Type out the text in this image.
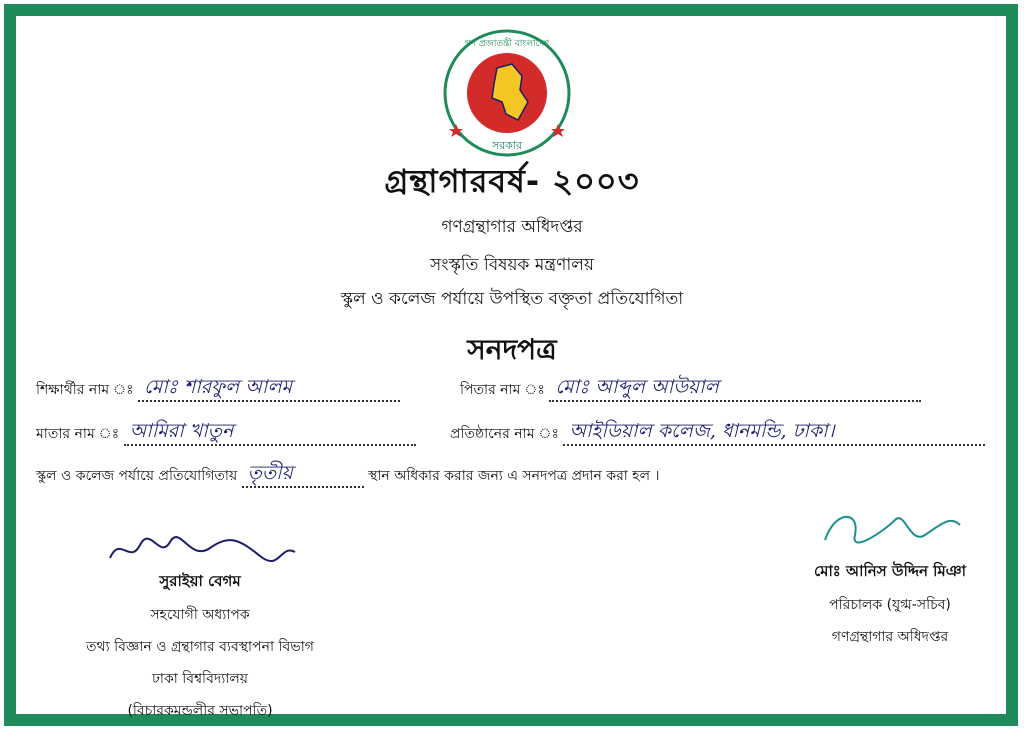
গণ প্রজাতন্ত্রী বাংলাদেশ
সরকার
গ্রন্থাগারবর্ষ- ২০০৩
গণগ্রন্থাগার অধিদপ্তর
সংস্কৃতি বিষয়ক মন্ত্রণালয়
স্কুল ও কলেজ পর্যায়ে উপস্থিত বক্তৃতা প্রতিযোগিতা
সনদপত্র
শিক্ষার্থীর নাম ঃ মোঃ শারফুল আলম	পিতার নাম ঃ মোঃ আব্দুল আউয়াল
মাতার নাম ঃ আমিরা খাতুন	প্রতিষ্ঠানের নাম ঃ আইডিয়াল কলেজ, ধানমন্ডি, ঢাকা।
স্কুল ও কলেজ পর্যায়ে প্রতিযোগিতায় তৃতীয়	স্থান অধিকার করার জন্য এ সনদপত্র প্রদান করা হল ।
সুরাইয়া বেগম
সহযোগী অধ্যাপক
তথ্য বিজ্ঞান ও গ্রন্থাগার ব্যবস্থাপনা বিভাগ
ঢাকা বিশ্ববিদ্যালয়
(বিচারকমন্ডলীর সভাপতি)
মোঃ আনিস উদ্দিন মিঞা
পরিচালক (যুগ্ম-সচিব)
গণগ্রন্থাগার অধিদপ্তর
